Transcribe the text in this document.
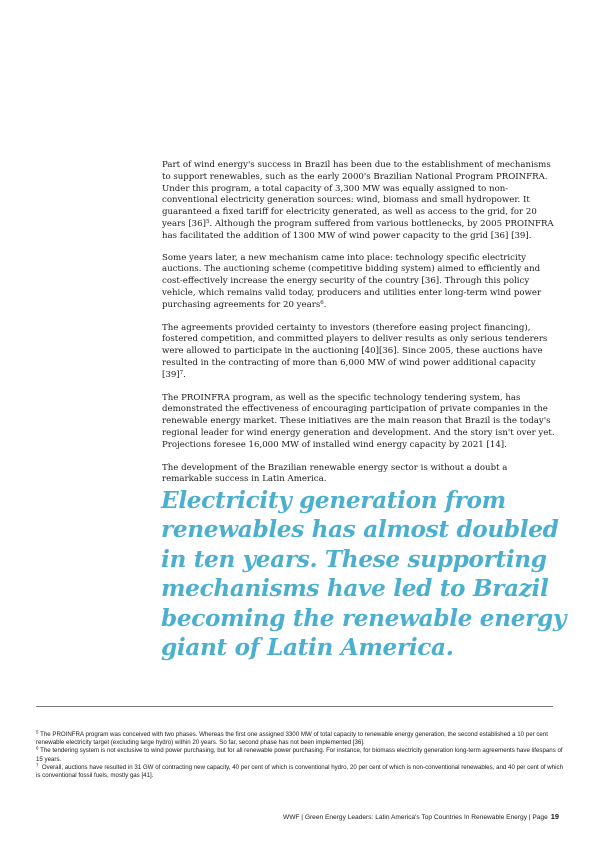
Part of wind energy's success in Brazil has been due to the establishment of mechanisms to support renewables, such as the early 2000's Brazilian National Program PROINFRA. Under this program, a total capacity of 3,300 MW was equally assigned to non-conventional electricity generation sources: wind, biomass and small hydropower. It guaranteed a fixed tariff for electricity generated, as well as access to the grid, for 20 years $[36]^5$. Although the program suffered from various bottlenecks, by 2005 PROINFRA has facilitated the addition of 1300 MW of wind power capacity to the grid [36] [39].

Some years later, a new mechanism came into place: technology specific electricity auctions. The auctioning scheme (competitive bidding system) aimed to efficiently and cost-effectively increase the energy security of the country [36]. Through this policy vehicle, which remains valid today, producers and utilities enter long-term wind power purchasing agreements for 20 years$^6$.

The agreements provided certainty to investors (therefore easing project financing), fostered competition, and committed players to deliver results as only serious tenderers were allowed to participate in the auctioning [40][36]. Since 2005, these auctions have resulted in the contracting of more than 6,000 MW of wind power additional capacity $[39]^7$.

The PROINFRA program, as well as the specific technology tendering system, has demonstrated the effectiveness of encouraging participation of private companies in the renewable energy market. These initiatives are the main reason that Brazil is the today's regional leader for wind energy generation and development. And the story isn't over yet. Projections foresee 16,000 MW of installed wind energy capacity by 2021 [14].

The development of the Brazilian renewable energy sector is without a doubt a remarkable success in Latin America.

Electricity generation from
renewables has almost doubled
in ten years. These supporting
mechanisms have led to Brazil
becoming the renewable energy
giant of Latin America.

$^5$ The PROINFRA program was conceived with two phases. Whereas the first one assigned 3300 MW of total capacity to renewable energy generation, the second established a 10 per cent renewable electricity target (excluding large hydro) within 20 years. So far, second phase has not been implemented [36].

$^6$ The tendering system is not exclusive to wind power purchasing, but for all renewable power purchasing. For instance, for biomass electricity generation long-term agreements have lifespans of 15 years.

$^7$ Overall, auctions have resulted in 31 GW of contracting new capacity, 40 per cent of which is conventional hydro, 20 per cent of which is non-conventional renewables, and 40 per cent of which is conventional fossil fuels, mostly gas [41].

WWF | Green Energy Leaders: Latin America's Top Countries In Renewable Energy | Page 19
